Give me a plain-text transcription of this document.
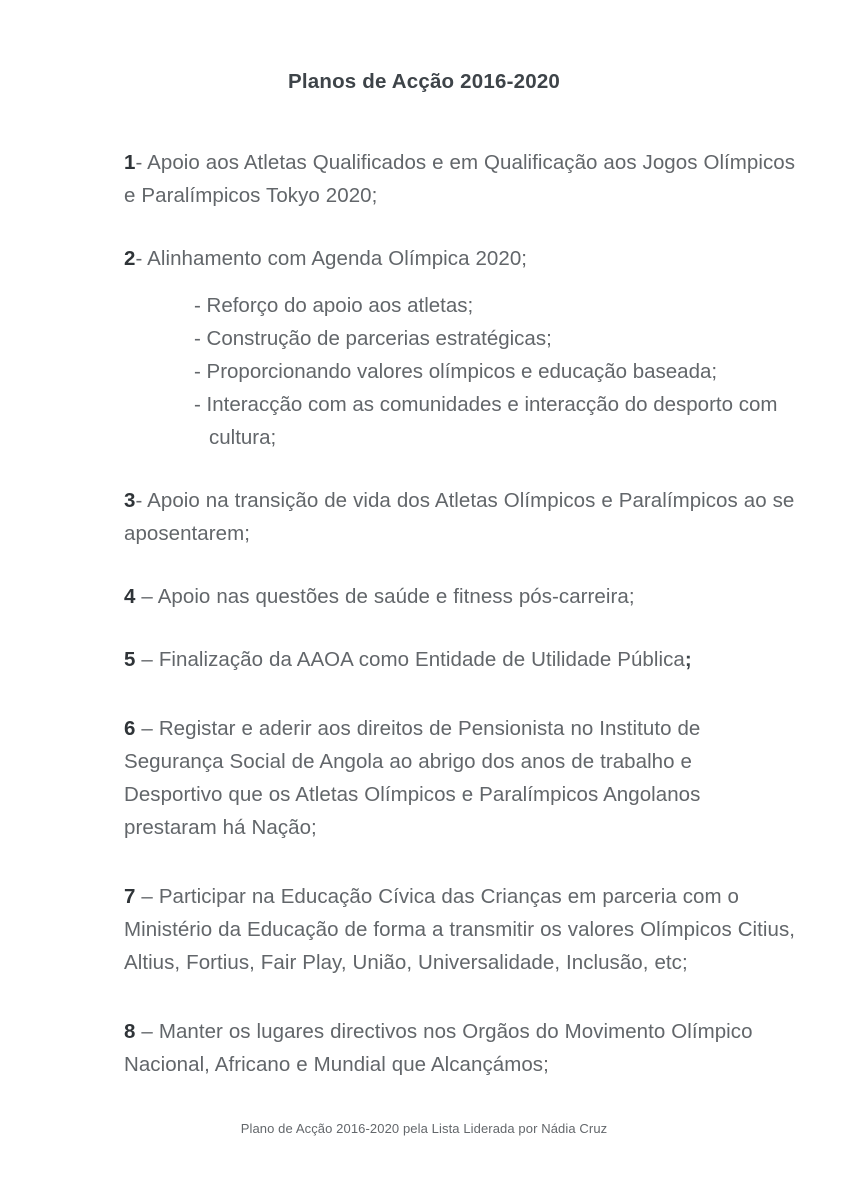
Planos de Acção 2016-2020

1- Apoio aos Atletas Qualificados e em Qualificação aos Jogos Olímpicos e Paralímpicos Tokyo 2020;

2- Alinhamento com Agenda Olímpica 2020;

- Reforço do apoio aos atletas;
- Construção de parcerias estratégicas;
- Proporcionando valores olímpicos e educação baseada;
- Interacção com as comunidades e interacção do desporto com cultura;

3- Apoio na transição de vida dos Atletas Olímpicos e Paralímpicos ao se aposentarem;

4 – Apoio nas questões de saúde e fitness pós-carreira;

5 – Finalização da AAOA como Entidade de Utilidade Pública;

6 – Registar e aderir aos direitos de Pensionista no Instituto de Segurança Social de Angola ao abrigo dos anos de trabalho e Desportivo que os Atletas Olímpicos e Paralímpicos Angolanos prestaram há Nação;

7 – Participar na Educação Cívica das Crianças em parceria com o Ministério da Educação de forma a transmitir os valores Olímpicos Citius, Altius, Fortius, Fair Play, União, Universalidade, Inclusão, etc;

8 – Manter os lugares directivos nos Orgãos do Movimento Olímpico Nacional, Africano e Mundial que Alcançámos;

Plano de Acção 2016-2020 pela Lista Liderada por Nádia Cruz
